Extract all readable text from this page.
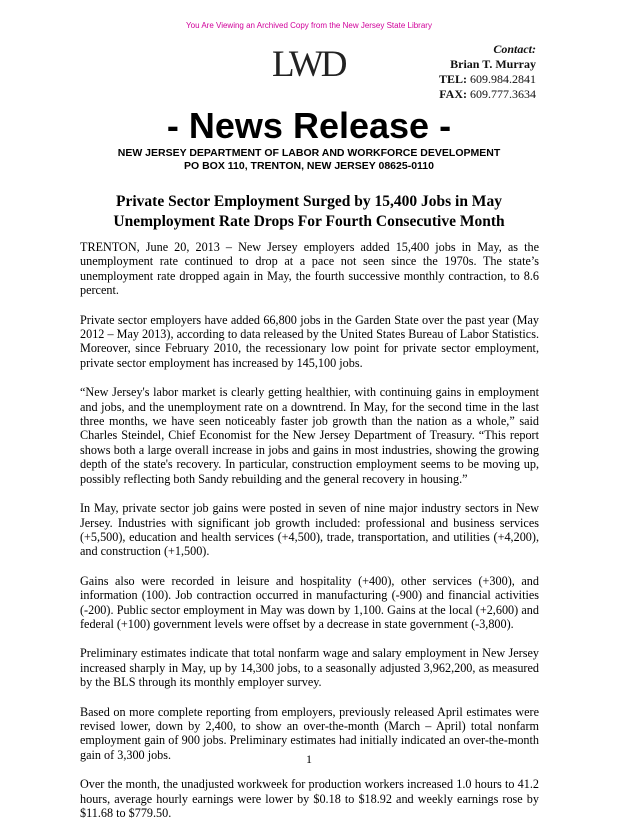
You Are Viewing an Archived Copy from the New Jersey State Library
LWD	Contact:
Brian T. Murray
TEL: 609.984.2841
FAX: 609.777.3634
- News Release -
NEW JERSEY DEPARTMENT OF LABOR AND WORKFORCE DEVELOPMENT
PO BOX 110, TRENTON, NEW JERSEY 08625-0110
Private Sector Employment Surged by 15,400 Jobs in May
Unemployment Rate Drops For Fourth Consecutive Month

TRENTON, June 20, 2013 – New Jersey employers added 15,400 jobs in May, as the unemployment rate continued to drop at a pace not seen since the 1970s. The state’s unemployment rate dropped again in May, the fourth successive monthly contraction, to 8.6 percent.

Private sector employers have added 66,800 jobs in the Garden State over the past year (May 2012 – May 2013), according to data released by the United States Bureau of Labor Statistics. Moreover, since February 2010, the recessionary low point for private sector employment, private sector employment has increased by 145,100 jobs.

“New Jersey's labor market is clearly getting healthier, with continuing gains in employment and jobs, and the unemployment rate on a downtrend. In May, for the second time in the last three months, we have seen noticeably faster job growth than the nation as a whole,” said Charles Steindel, Chief Economist for the New Jersey Department of Treasury. “This report shows both a large overall increase in jobs and gains in most industries, showing the growing depth of the state's recovery. In particular, construction employment seems to be moving up, possibly reflecting both Sandy rebuilding and the general recovery in housing.”

In May, private sector job gains were posted in seven of nine major industry sectors in New Jersey. Industries with significant job growth included: professional and business services (+5,500), education and health services (+4,500), trade, transportation, and utilities (+4,200), and construction (+1,500).

Gains also were recorded in leisure and hospitality (+400), other services (+300), and information (100). Job contraction occurred in manufacturing (-900) and financial activities (-200). Public sector employment in May was down by 1,100. Gains at the local (+2,600) and federal (+100) government levels were offset by a decrease in state government (-3,800).

Preliminary estimates indicate that total nonfarm wage and salary employment in New Jersey increased sharply in May, up by 14,300 jobs, to a seasonally adjusted 3,962,200, as measured by the BLS through its monthly employer survey.

Based on more complete reporting from employers, previously released April estimates were revised lower, down by 2,400, to show an over-the-month (March – April) total nonfarm employment gain of 900 jobs. Preliminary estimates had initially indicated an over-the-month gain of 3,300 jobs.

Over the month, the unadjusted workweek for production workers increased 1.0 hours to 41.2 hours, average hourly earnings were lower by $0.18 to $18.92 and weekly earnings rose by $11.68 to $779.50.

1
